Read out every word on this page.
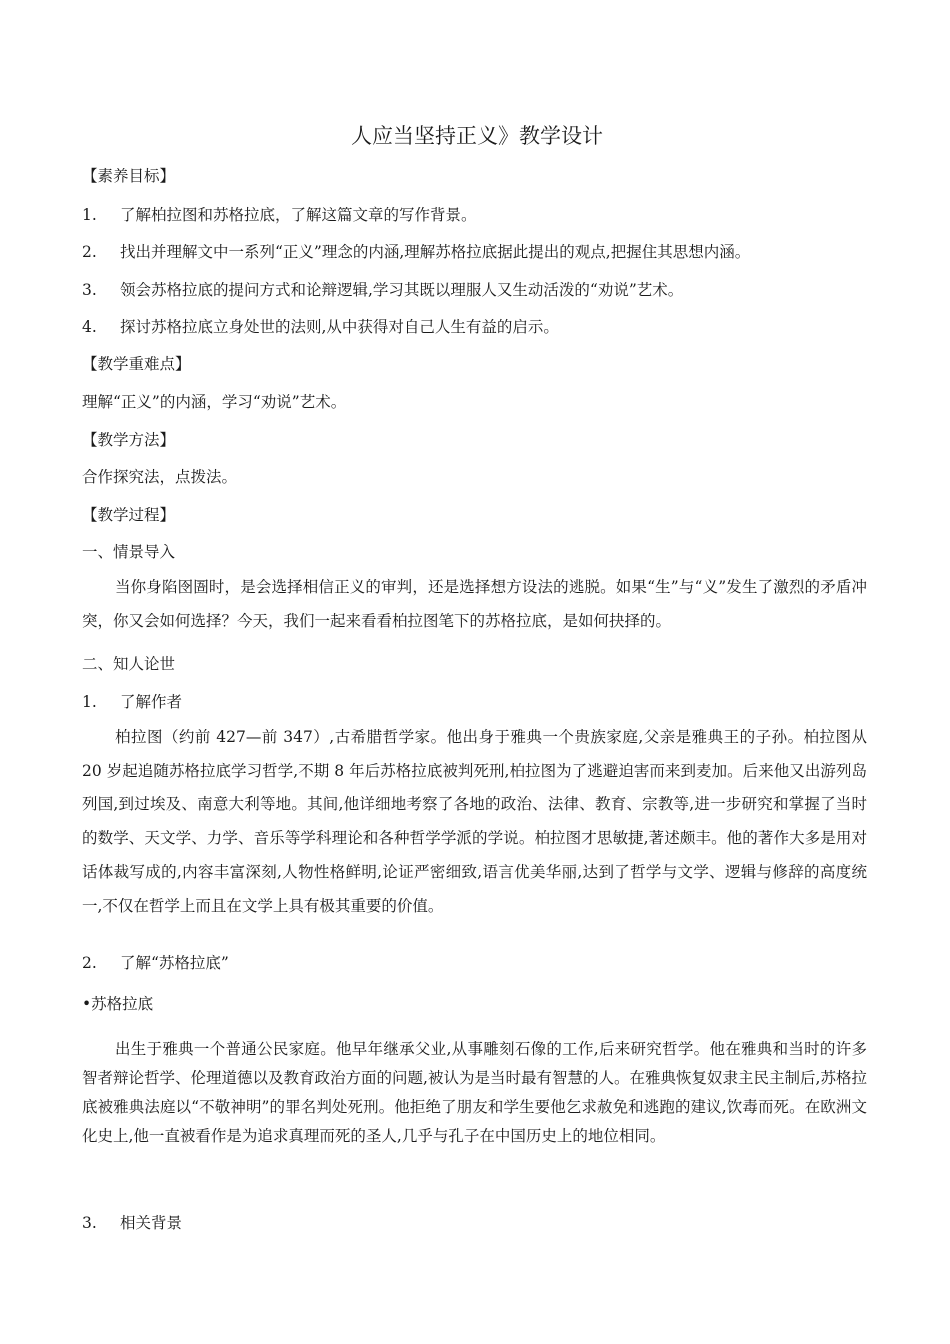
人应当坚持正义》教学设计
【素养目标】
1. 了解柏拉图和苏格拉底，了解这篇文章的写作背景。
2. 找出并理解文中一系列“正义”理念的内涵,理解苏格拉底据此提出的观点,把握住其思想内涵。
3. 领会苏格拉底的提问方式和论辩逻辑,学习其既以理服人又生动活泼的“劝说”艺术。
4. 探讨苏格拉底立身处世的法则,从中获得对自己人生有益的启示。
【教学重难点】
理解“正义”的内涵，学习“劝说”艺术。
【教学方法】
合作探究法，点拨法。
【教学过程】
一、情景导入
当你身陷囹圄时，是会选择相信正义的审判，还是选择想方设法的逃脱。如果“生”与“义”发生了激烈的矛盾冲突，你又会如何选择？今天，我们一起来看看柏拉图笔下的苏格拉底，是如何抉择的。
二、知人论世
1. 了解作者
柏拉图（约前 427—前 347）,古希腊哲学家。他出身于雅典一个贵族家庭,父亲是雅典王的子孙。柏拉图从 20 岁起追随苏格拉底学习哲学,不期 8 年后苏格拉底被判死刑,柏拉图为了逃避迫害而来到麦加。后来他又出游列岛列国,到过埃及、南意大利等地。其间,他详细地考察了各地的政治、法律、教育、宗教等,进一步研究和掌握了当时的数学、天文学、力学、音乐等学科理论和各种哲学学派的学说。柏拉图才思敏捷,著述颇丰。他的著作大多是用对话体裁写成的,内容丰富深刻,人物性格鲜明,论证严密细致,语言优美华丽,达到了哲学与文学、逻辑与修辞的高度统一,不仅在哲学上而且在文学上具有极其重要的价值。
2. 了解“苏格拉底”
•苏格拉底
出生于雅典一个普通公民家庭。他早年继承父业,从事雕刻石像的工作,后来研究哲学。他在雅典和当时的许多智者辩论哲学、伦理道德以及教育政治方面的问题,被认为是当时最有智慧的人。在雅典恢复奴隶主民主制后,苏格拉底被雅典法庭以“不敬神明”的罪名判处死刑。他拒绝了朋友和学生要他乞求赦免和逃跑的建议,饮毒而死。在欧洲文化史上,他一直被看作是为追求真理而死的圣人,几乎与孔子在中国历史上的地位相同。
3. 相关背景
